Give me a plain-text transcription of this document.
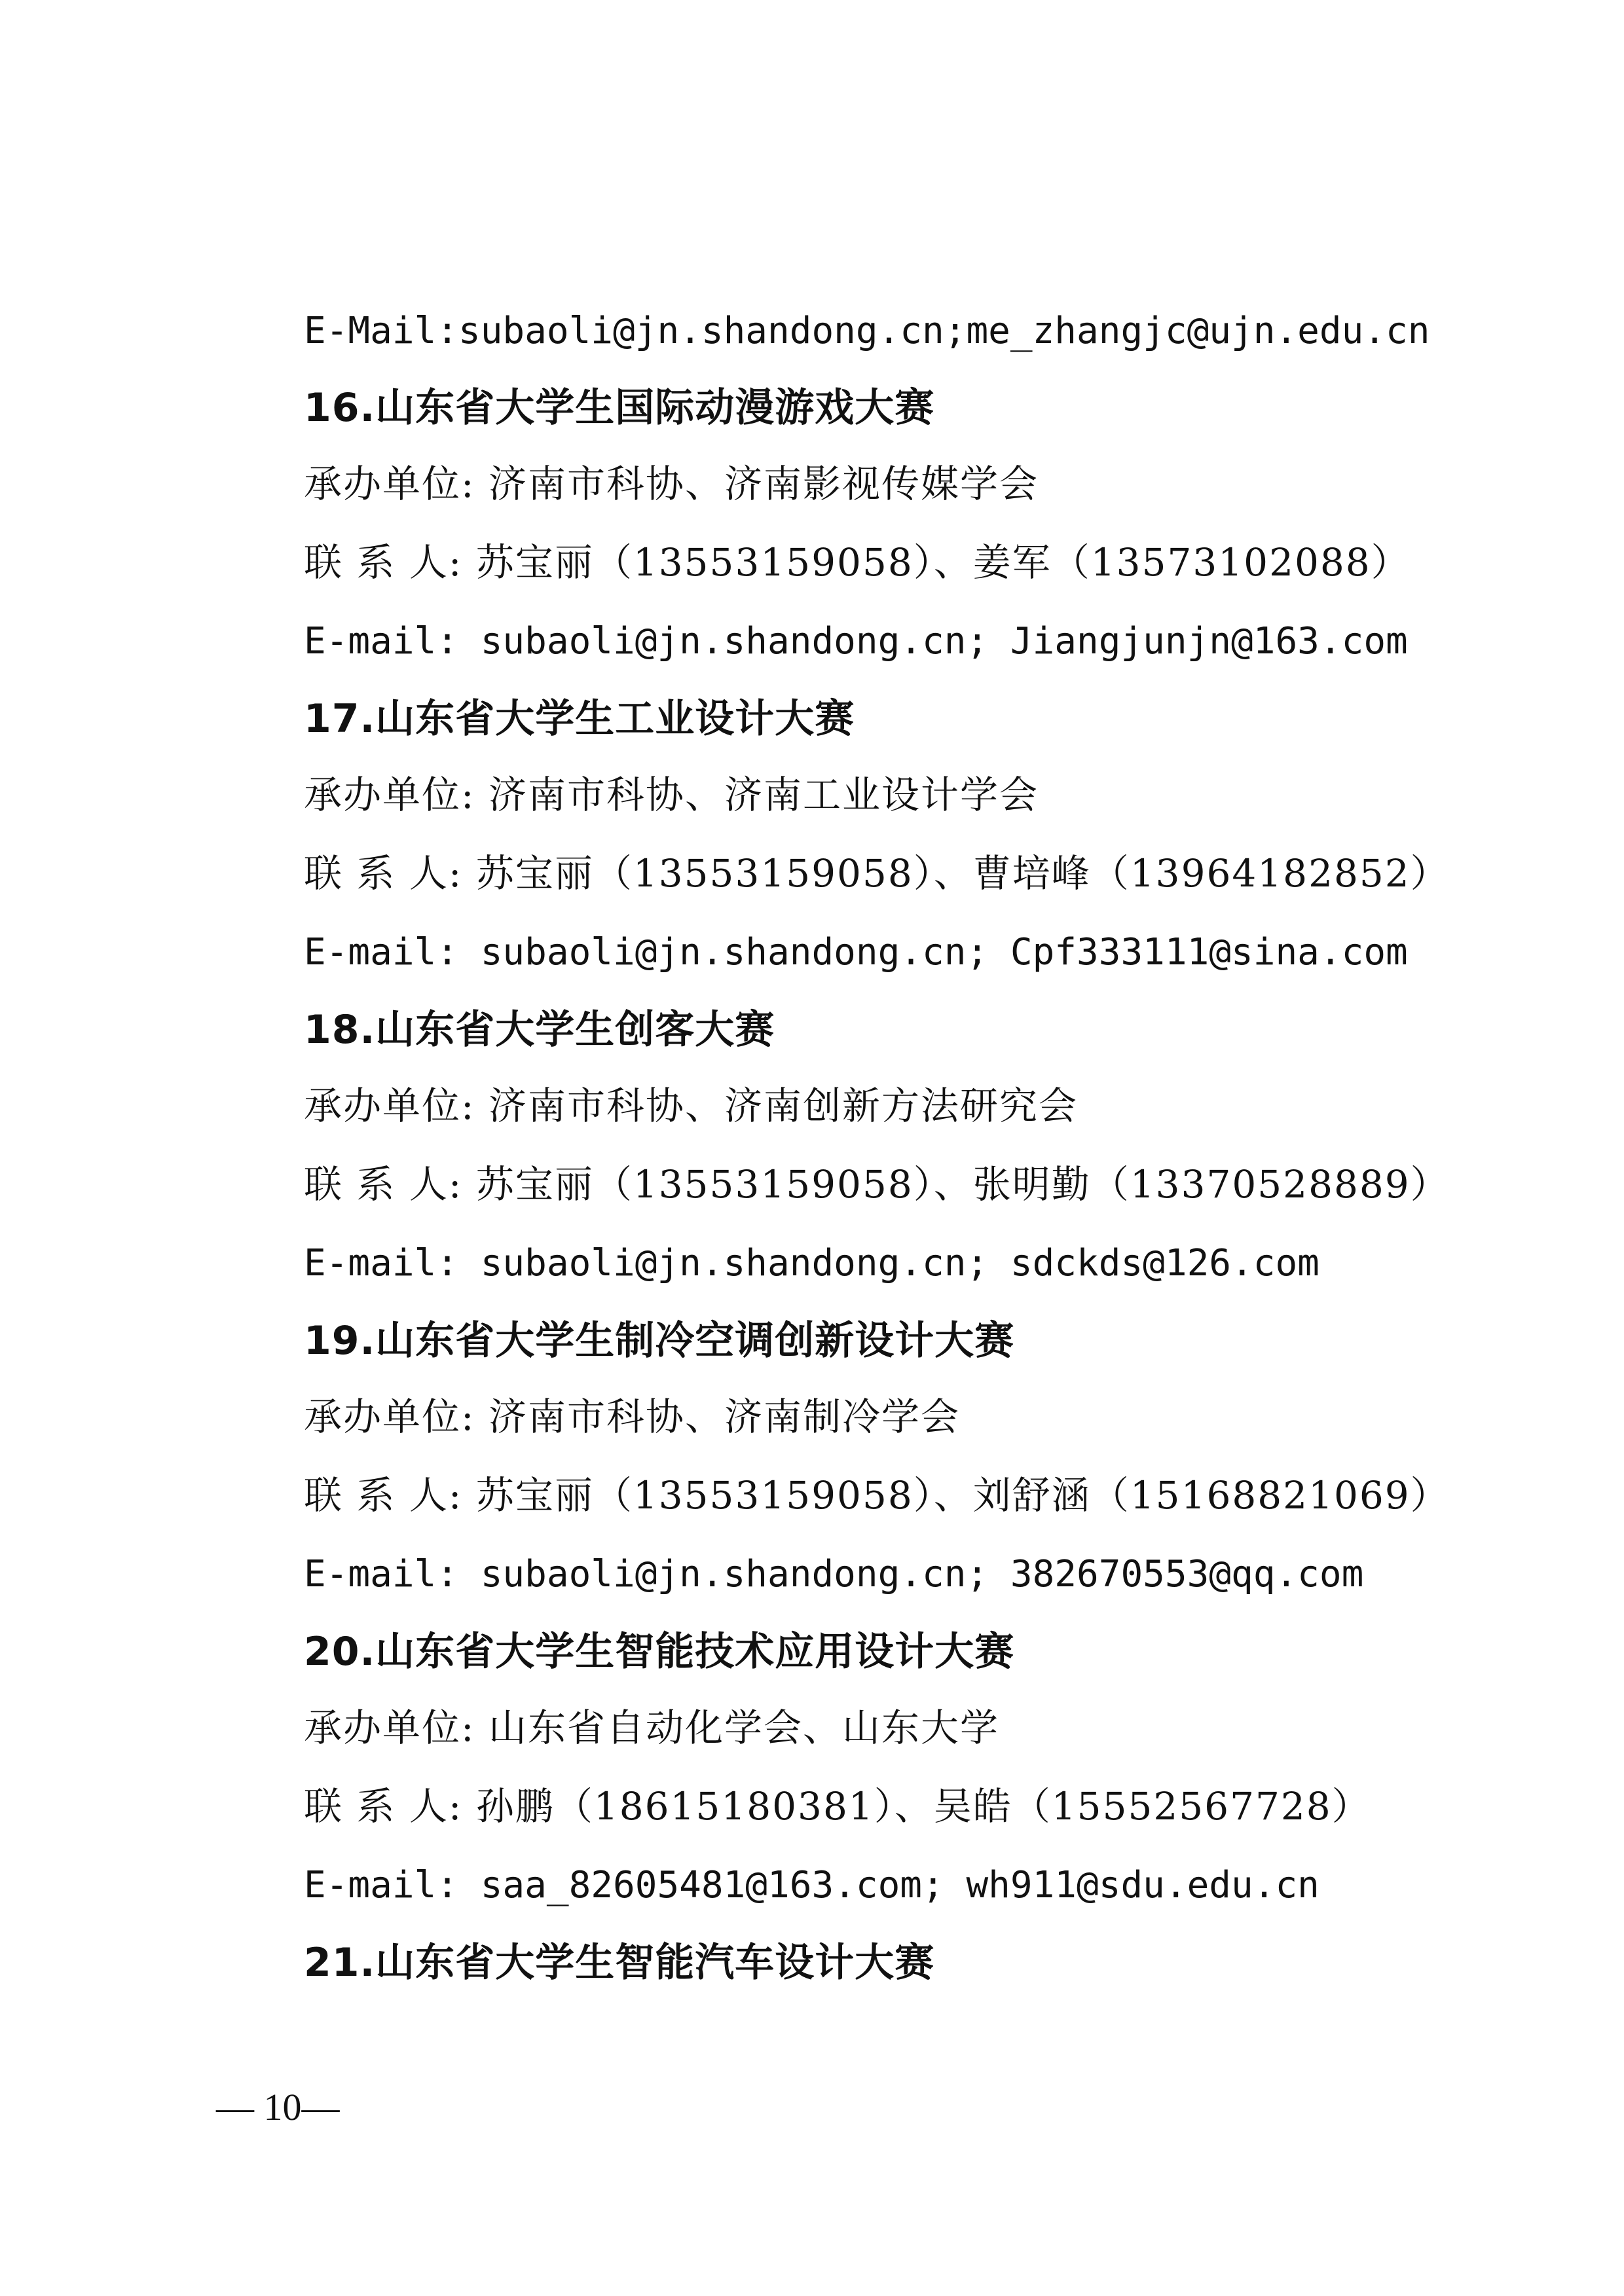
E-Mail:subaoli@jn.shandong.cn;me_zhangjc@ujn.edu.cn
16.山东省大学生国际动漫游戏大赛
承办单位: 济南市科协、济南影视传媒学会
联 系 人: 苏宝丽（13553159058）、姜军（13573102088）
E-mail: subaoli@jn.shandong.cn; Jiangjunjn@163.com
17.山东省大学生工业设计大赛
承办单位: 济南市科协、济南工业设计学会
联 系 人: 苏宝丽（13553159058）、曹培峰（13964182852）
E-mail: subaoli@jn.shandong.cn; Cpf333111@sina.com
18.山东省大学生创客大赛
承办单位: 济南市科协、济南创新方法研究会
联 系 人: 苏宝丽（13553159058）、张明勤（13370528889）
E-mail: subaoli@jn.shandong.cn; sdckds@126.com
19.山东省大学生制冷空调创新设计大赛
承办单位: 济南市科协、济南制冷学会
联 系 人: 苏宝丽（13553159058）、刘舒涵（15168821069）
E-mail: subaoli@jn.shandong.cn; 382670553@qq.com
20.山东省大学生智能技术应用设计大赛
承办单位: 山东省自动化学会、山东大学
联 系 人: 孙鹏（18615180381）、吴皓（15552567728）
E-mail: saa_82605481@163.com; wh911@sdu.edu.cn
21.山东省大学生智能汽车设计大赛
— 10—
